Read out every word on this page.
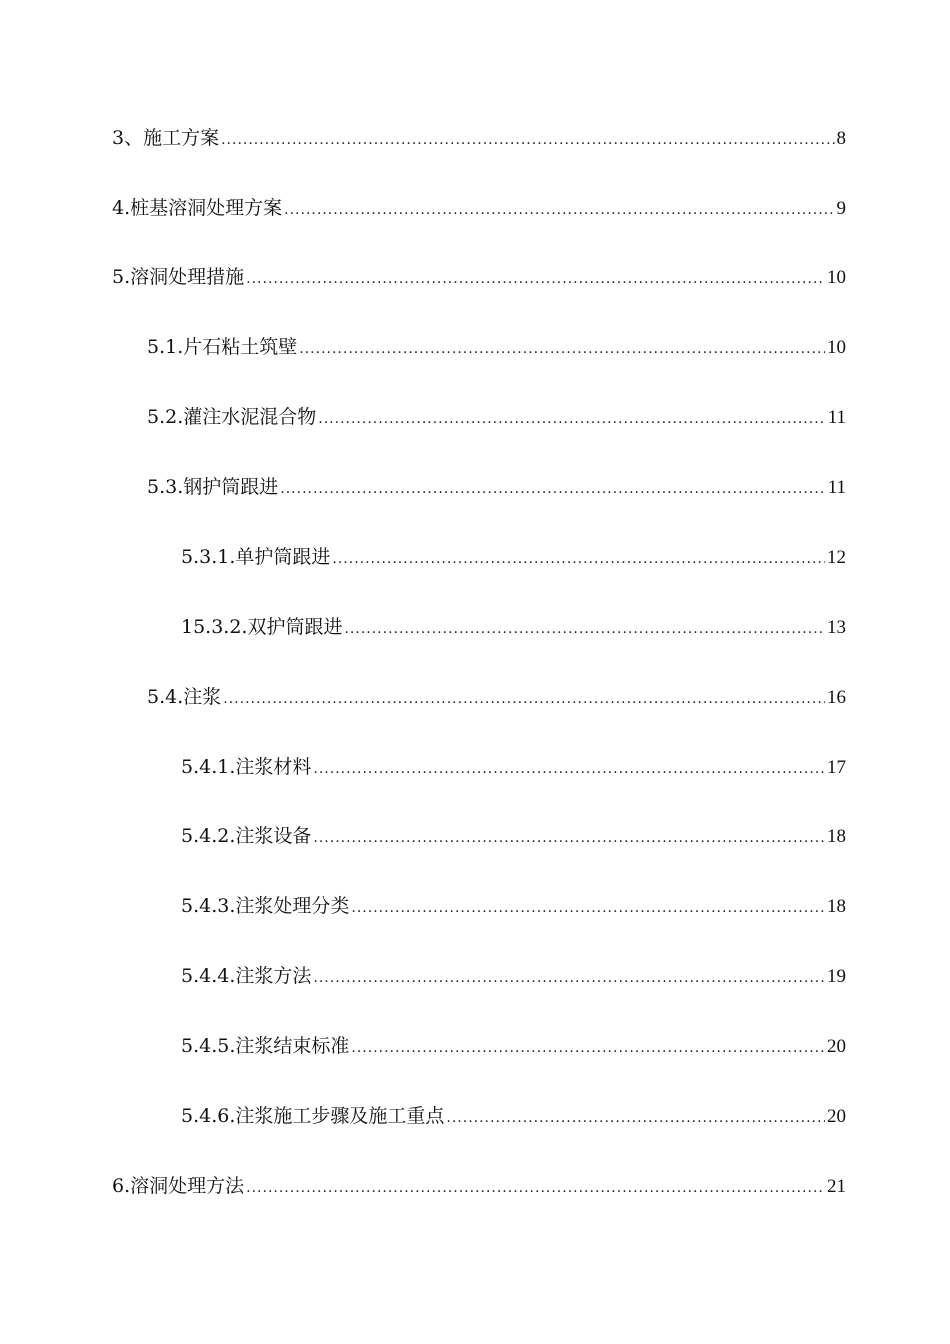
3、施工方案 .....	8
4.桩基溶洞处理方案 .....	9
5.溶洞处理措施 .....	10
5.1.片石粘土筑壁 .....	10
5.2.灌注水泥混合物 .....	11
5.3.钢护筒跟进 .....	11
5.3.1.单护筒跟进 .....	12
15.3.2.双护筒跟进 .....	13
5.4.注浆 .....	16
5.4.1.注浆材料 .....	17
5.4.2.注浆设备 .....	18
5.4.3.注浆处理分类 .....	18
5.4.4.注浆方法 .....	19
5.4.5.注浆结束标准 .....	20
5.4.6.注浆施工步骤及施工重点 .....	20
6.溶洞处理方法 .....	21
